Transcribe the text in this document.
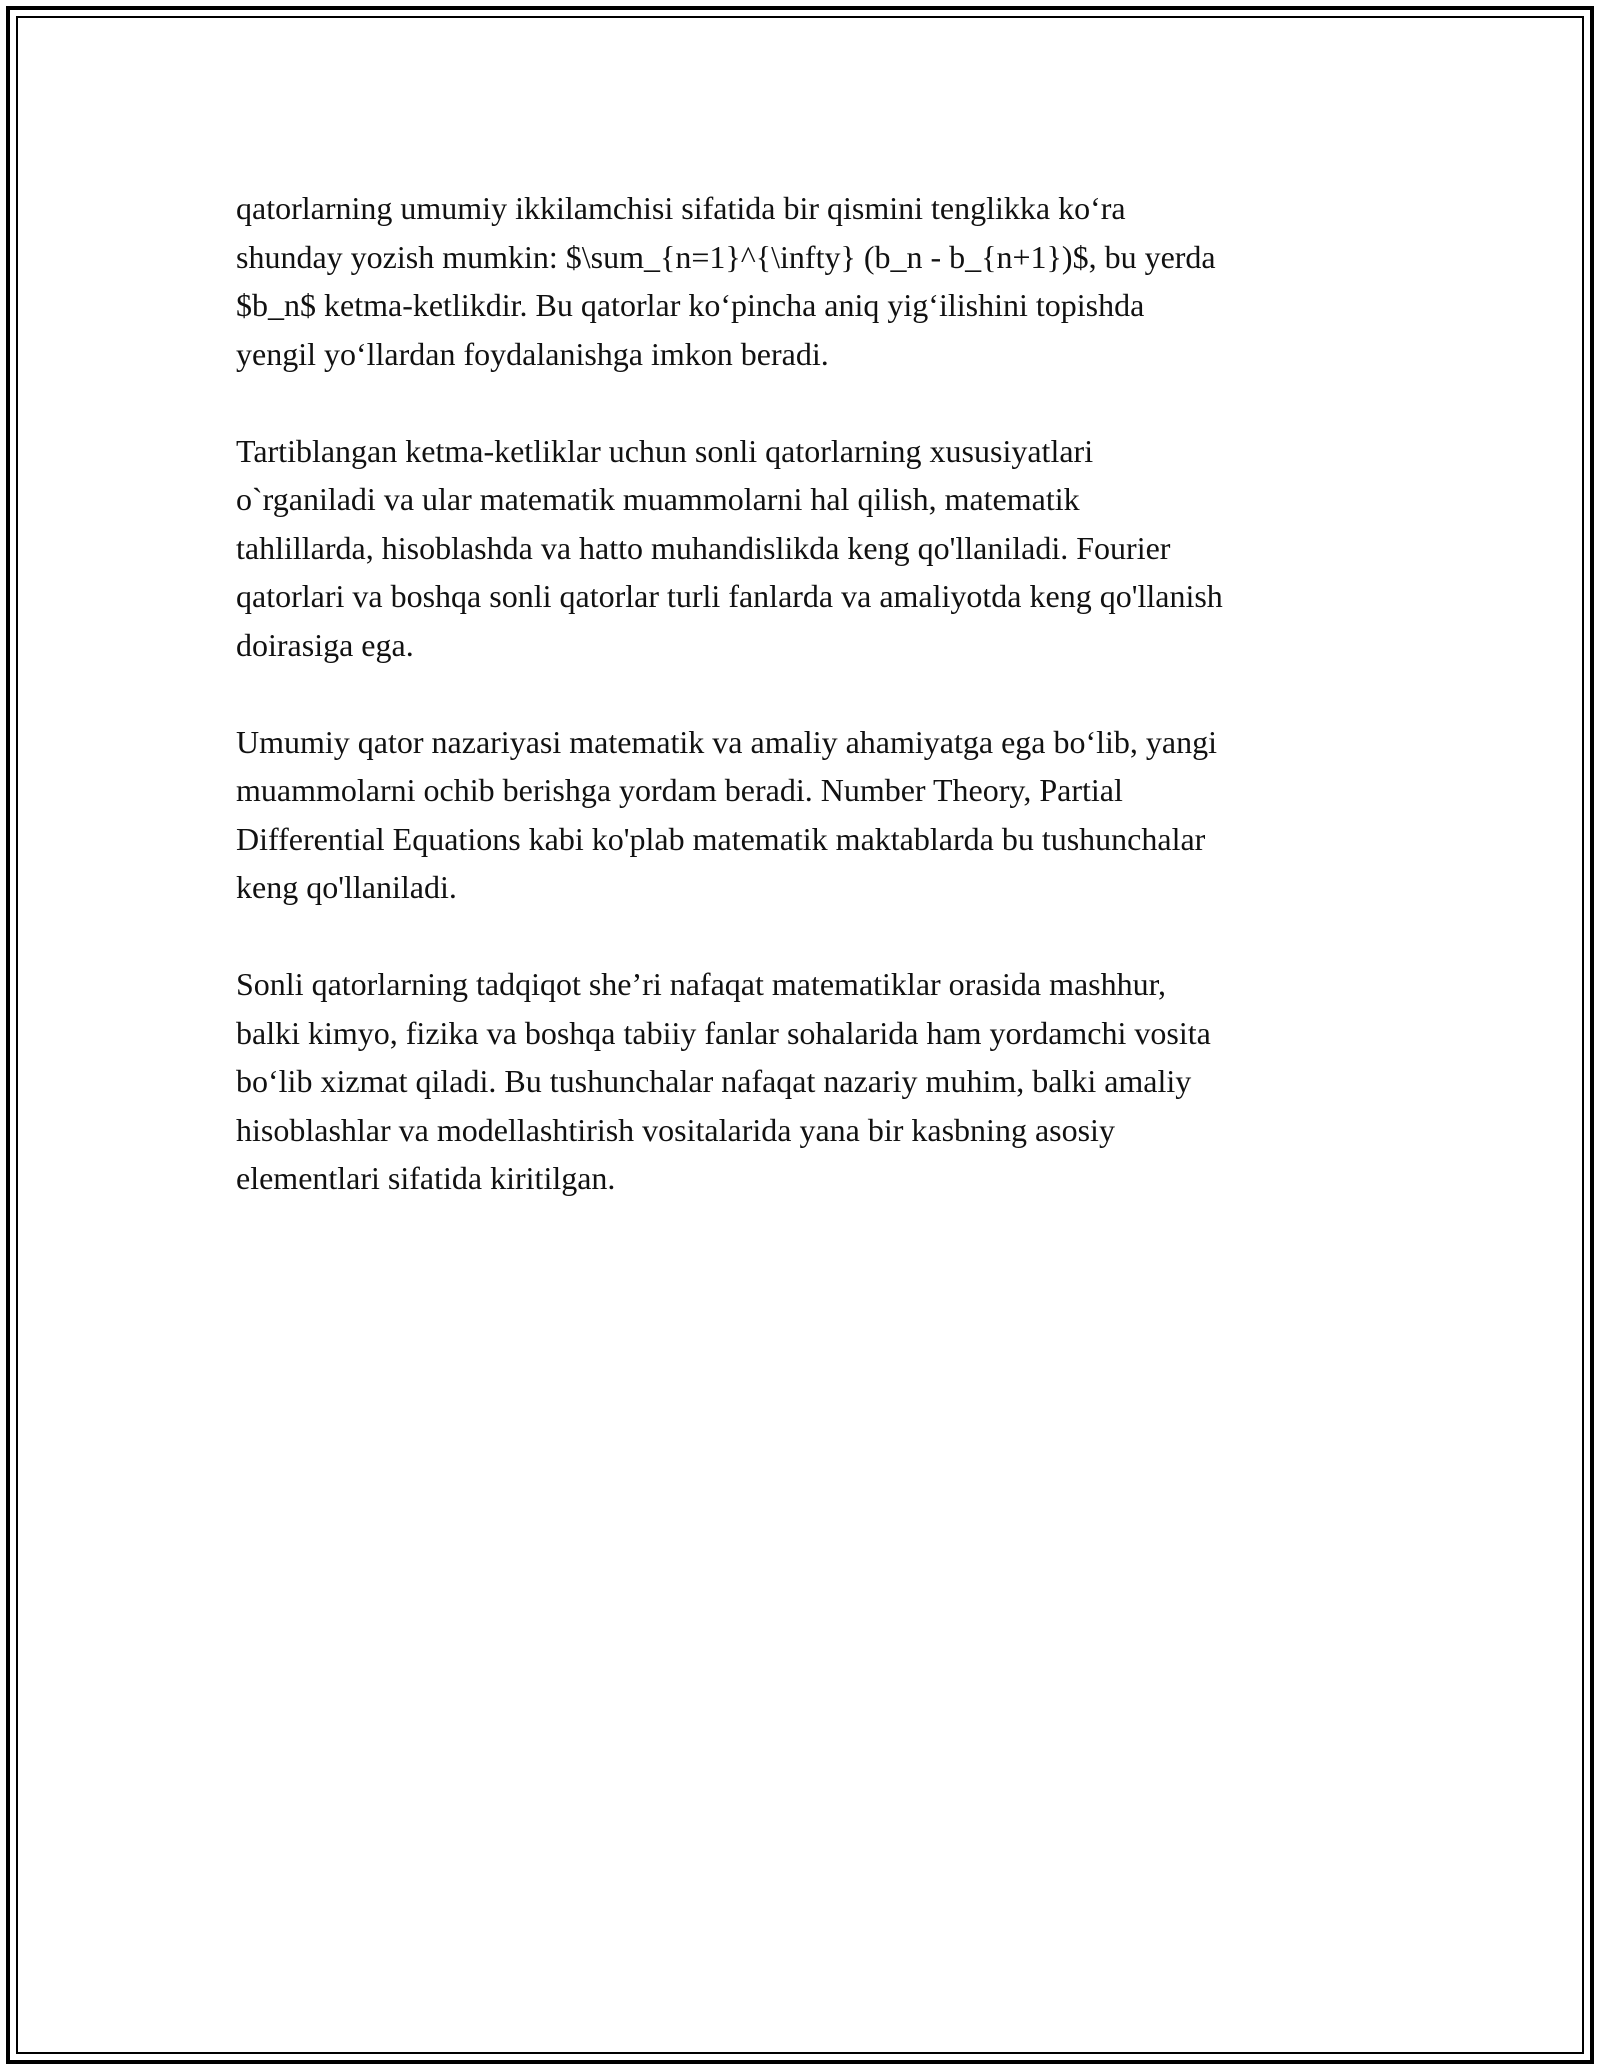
qatorlarning umumiy ikkilamchisi sifatida bir qismini tenglikka ko‘ra
shunday yozish mumkin: $\sum_{n=1}^{\infty} (b_n - b_{n+1})$, bu yerda
$b_n$ ketma-ketlikdir. Bu qatorlar ko‘pincha aniq yig‘ilishini topishda
yengil yo‘llardan foydalanishga imkon beradi.

Tartiblangan ketma-ketliklar uchun sonli qatorlarning xususiyatlari
o`rganiladi va ular matematik muammolarni hal qilish, matematik
tahlillarda, hisoblashda va hatto muhandislikda keng qo'llaniladi. Fourier
qatorlari va boshqa sonli qatorlar turli fanlarda va amaliyotda keng qo'llanish
doirasiga ega.

Umumiy qator nazariyasi matematik va amaliy ahamiyatga ega bo‘lib, yangi
muammolarni ochib berishga yordam beradi. Number Theory, Partial
Differential Equations kabi ko'plab matematik maktablarda bu tushunchalar
keng qo'llaniladi.

Sonli qatorlarning tadqiqot she’ri nafaqat matematiklar orasida mashhur,
balki kimyo, fizika va boshqa tabiiy fanlar sohalarida ham yordamchi vosita
bo‘lib xizmat qiladi. Bu tushunchalar nafaqat nazariy muhim, balki amaliy
hisoblashlar va modellashtirish vositalarida yana bir kasbning asosiy
elementlari sifatida kiritilgan.
